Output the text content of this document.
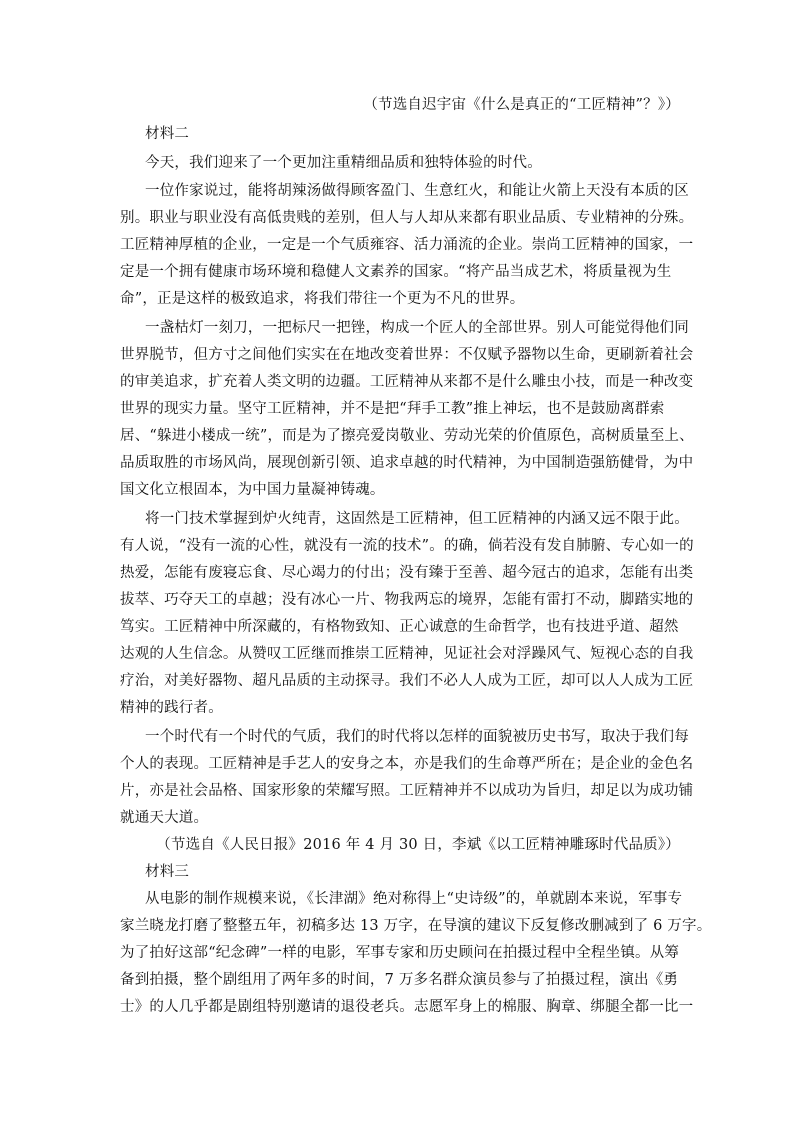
（节选自迟宇宙《什么是真正的“工匠精神”？》）
材料二
今天，我们迎来了一个更加注重精细品质和独特体验的时代。
一位作家说过，能将胡辣汤做得顾客盈门、生意红火，和能让火箭上天没有本质的区
别。职业与职业没有高低贵贱的差别，但人与人却从来都有职业品质、专业精神的分殊。
工匠精神厚植的企业，一定是一个气质雍容、活力涌流的企业。崇尚工匠精神的国家，一
定是一个拥有健康市场环境和稳健人文素养的国家。“将产品当成艺术，将质量视为生
命”，正是这样的极致追求，将我们带往一个更为不凡的世界。
一盏枯灯一刻刀，一把标尺一把锉，构成一个匠人的全部世界。别人可能觉得他们同
世界脱节，但方寸之间他们实实在在地改变着世界：不仅赋予器物以生命，更刷新着社会
的审美追求，扩充着人类文明的边疆。工匠精神从来都不是什么雕虫小技，而是一种改变
世界的现实力量。坚守工匠精神，并不是把“拜手工教”推上神坛，也不是鼓励离群索
居、“躲进小楼成一统”，而是为了擦亮爱岗敬业、劳动光荣的价值原色，高树质量至上、
品质取胜的市场风尚，展现创新引领、追求卓越的时代精神，为中国制造强筋健骨，为中
国文化立根固本，为中国力量凝神铸魂。
将一门技术掌握到炉火纯青，这固然是工匠精神，但工匠精神的内涵又远不限于此。
有人说，“没有一流的心性，就没有一流的技术”。的确，倘若没有发自肺腑、专心如一的
热爱，怎能有废寝忘食、尽心竭力的付出；没有臻于至善、超今冠古的追求，怎能有出类
拔萃、巧夺天工的卓越；没有冰心一片、物我两忘的境界，怎能有雷打不动，脚踏实地的
笃实。工匠精神中所深藏的，有格物致知、正心诚意的生命哲学，也有技进乎道、超然
达观的人生信念。从赞叹工匠继而推崇工匠精神，见证社会对浮躁风气、短视心态的自我
疗治，对美好器物、超凡品质的主动探寻。我们不必人人成为工匠，却可以人人成为工匠
精神的践行者。
一个时代有一个时代的气质，我们的时代将以怎样的面貌被历史书写，取决于我们每
个人的表现。工匠精神是手艺人的安身之本，亦是我们的生命尊严所在；是企业的金色名
片，亦是社会品格、国家形象的荣耀写照。工匠精神并不以成功为旨归，却足以为成功铺
就通天大道。
（节选自《人民日报》2016 年 4 月 30 日，李斌《以工匠精神雕琢时代品质》）
材料三
从电影的制作规模来说，《长津湖》绝对称得上“史诗级”的，单就剧本来说，军事专
家兰晓龙打磨了整整五年，初稿多达 13 万字，在导演的建议下反复修改删减到了 6 万字。
为了拍好这部“纪念碑”一样的电影，军事专家和历史顾问在拍摄过程中全程坐镇。从筹
备到拍摄，整个剧组用了两年多的时间，7 万多名群众演员参与了拍摄过程，演出《勇
士》的人几乎都是剧组特别邀请的退役老兵。志愿军身上的棉服、胸章、绑腿全都一比一
